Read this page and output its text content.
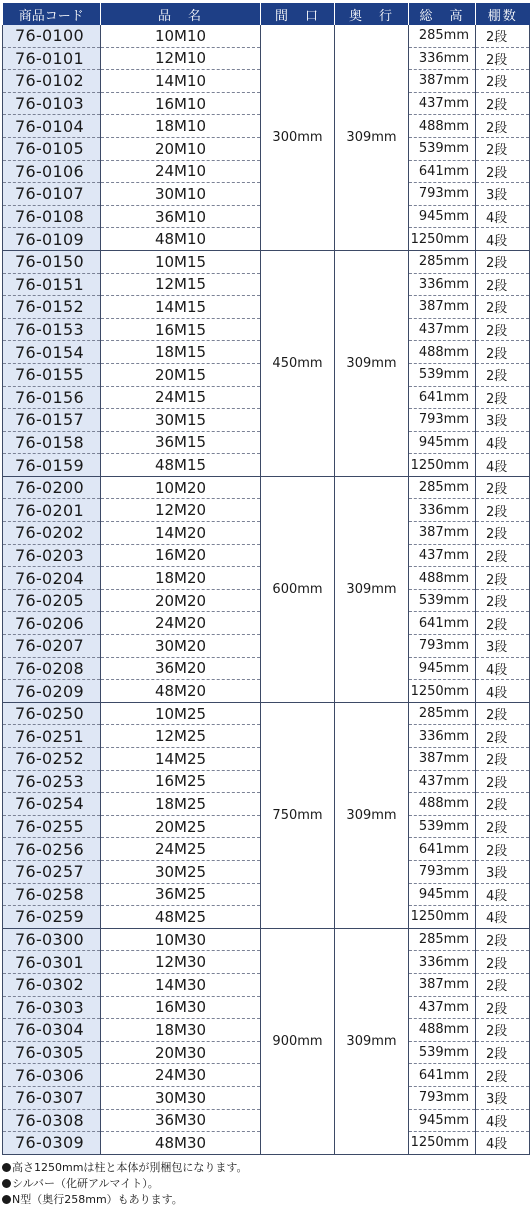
商品コード	品　名	間　口	奥　行	総　高	棚数
76-0100	10M10	300mm	309mm	285mm	2段
76-0101	12M10			336mm	2段
76-0102	14M10			387mm	2段
76-0103	16M10			437mm	2段
76-0104	18M10			488mm	2段
76-0105	20M10			539mm	2段
76-0106	24M10			641mm	2段
76-0107	30M10			793mm	3段
76-0108	36M10			945mm	4段
76-0109	48M10			1250mm	4段
76-0150	10M15	450mm	309mm	285mm	2段
76-0151	12M15			336mm	2段
76-0152	14M15			387mm	2段
76-0153	16M15			437mm	2段
76-0154	18M15			488mm	2段
76-0155	20M15			539mm	2段
76-0156	24M15			641mm	2段
76-0157	30M15			793mm	3段
76-0158	36M15			945mm	4段
76-0159	48M15			1250mm	4段
76-0200	10M20	600mm	309mm	285mm	2段
76-0201	12M20			336mm	2段
76-0202	14M20			387mm	2段
76-0203	16M20			437mm	2段
76-0204	18M20			488mm	2段
76-0205	20M20			539mm	2段
76-0206	24M20			641mm	2段
76-0207	30M20			793mm	3段
76-0208	36M20			945mm	4段
76-0209	48M20			1250mm	4段
76-0250	10M25	750mm	309mm	285mm	2段
76-0251	12M25			336mm	2段
76-0252	14M25			387mm	2段
76-0253	16M25			437mm	2段
76-0254	18M25			488mm	2段
76-0255	20M25			539mm	2段
76-0256	24M25			641mm	2段
76-0257	30M25			793mm	3段
76-0258	36M25			945mm	4段
76-0259	48M25			1250mm	4段
76-0300	10M30	900mm	309mm	285mm	2段
76-0301	12M30			336mm	2段
76-0302	14M30			387mm	2段
76-0303	16M30			437mm	2段
76-0304	18M30			488mm	2段
76-0305	20M30			539mm	2段
76-0306	24M30			641mm	2段
76-0307	30M30			793mm	3段
76-0308	36M30			945mm	4段
76-0309	48M30			1250mm	4段
高さ1250mmは柱と本体が別梱包になります。
シルバー（化研アルマイト）。
N型（奥行258mm）もあります。
